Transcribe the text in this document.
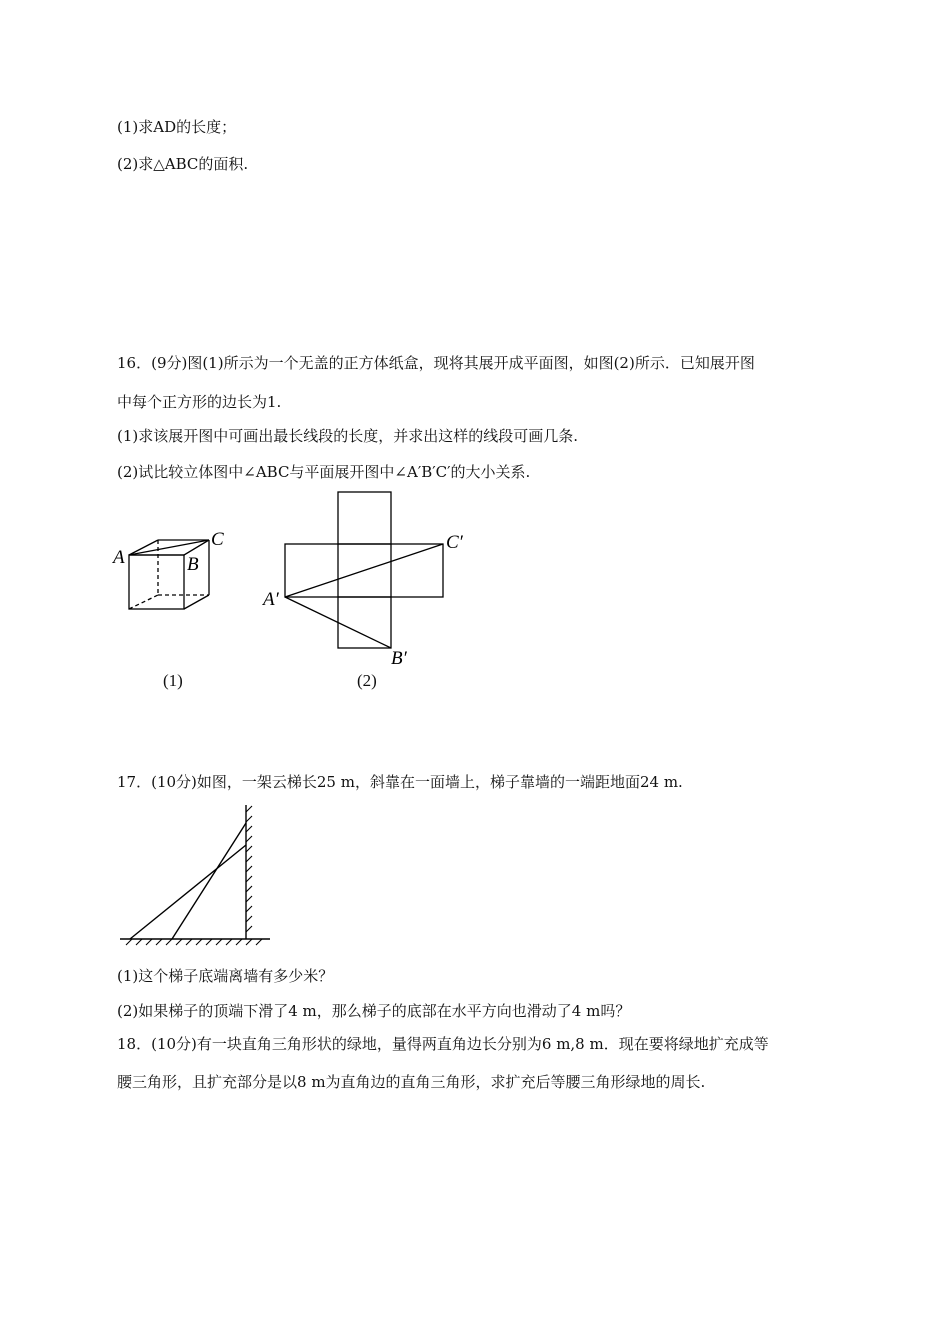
(1)求AD的长度；
(2)求△ABC的面积.
16．(9分)图(1)所示为一个无盖的正方体纸盒，现将其展开成平面图，如图(2)所示．已知展开图
中每个正方形的边长为1.
(1)求该展开图中可画出最长线段的长度，并求出这样的线段可画几条.
(2)试比较立体图中∠ABC与平面展开图中∠A′B′C′的大小关系.
A	B
C
(1)
A′
B′
C′
(2)
17．(10分)如图，一架云梯长25 m，斜靠在一面墙上，梯子靠墙的一端距地面24 m.
(1)这个梯子底端离墙有多少米？
(2)如果梯子的顶端下滑了4 m，那么梯子的底部在水平方向也滑动了4 m吗？
18．(10分)有一块直角三角形状的绿地，量得两直角边长分别为6 m,8 m．现在要将绿地扩充成等
腰三角形，且扩充部分是以8 m为直角边的直角三角形，求扩充后等腰三角形绿地的周长.
